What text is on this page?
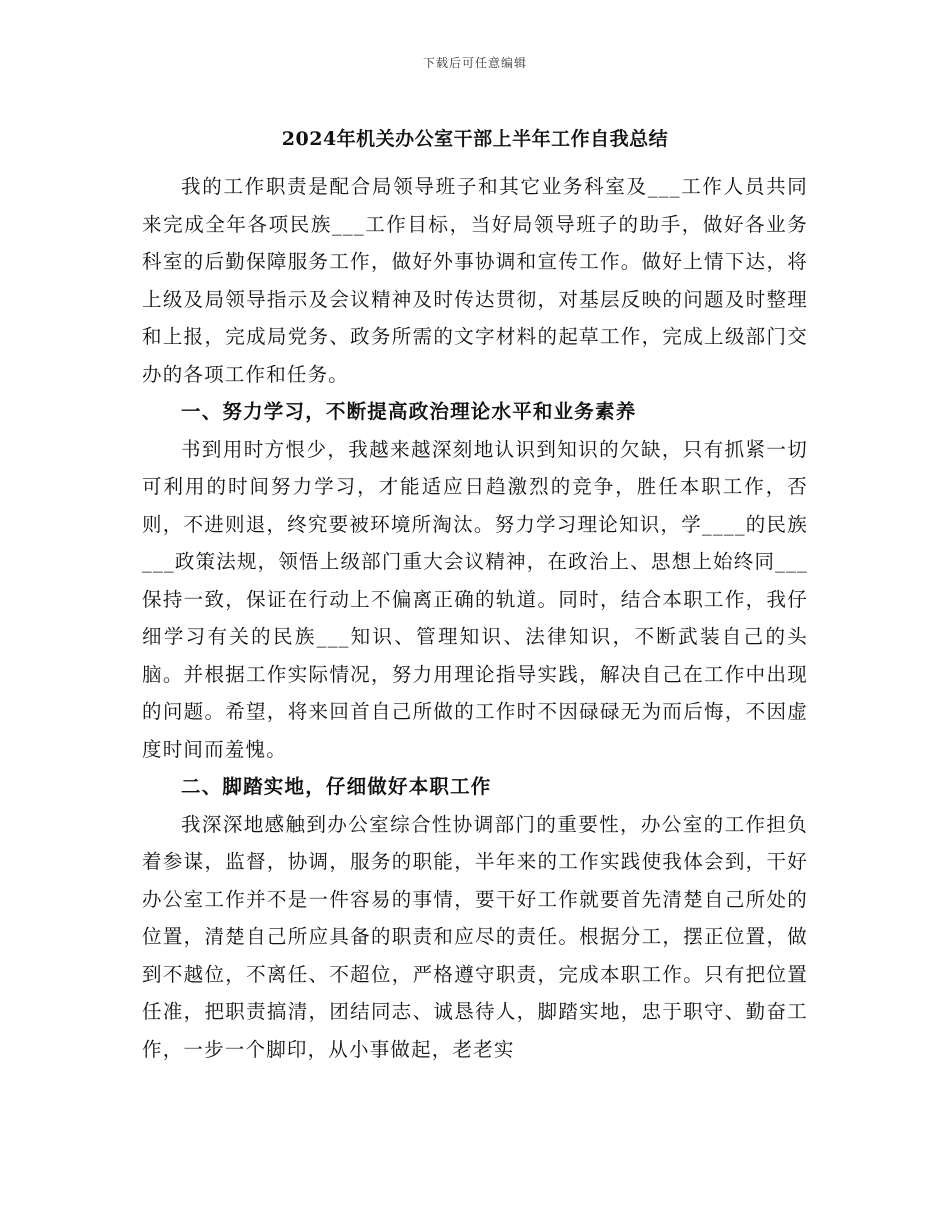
下载后可任意编辑
2024年机关办公室干部上半年工作自我总结

我的工作职责是配合局领导班子和其它业务科室及___工作人员共同来完成全年各项民族___工作目标，当好局领导班子的助手，做好各业务科室的后勤保障服务工作，做好外事协调和宣传工作。做好上情下达，将上级及局领导指示及会议精神及时传达贯彻，对基层反映的问题及时整理和上报，完成局党务、政务所需的文字材料的起草工作，完成上级部门交办的各项工作和任务。

一、努力学习，不断提高政治理论水平和业务素养

书到用时方恨少，我越来越深刻地认识到知识的欠缺，只有抓紧一切可利用的时间努力学习，才能适应日趋激烈的竞争，胜任本职工作，否则，不进则退，终究要被环境所淘汰。努力学习理论知识，学____的民族___政策法规，领悟上级部门重大会议精神，在政治上、思想上始终同___保持一致，保证在行动上不偏离正确的轨道。同时，结合本职工作，我仔细学习有关的民族___知识、管理知识、法律知识，不断武装自己的头脑。并根据工作实际情况，努力用理论指导实践，解决自己在工作中出现的问题。希望，将来回首自己所做的工作时不因碌碌无为而后悔，不因虚度时间而羞愧。

二、脚踏实地，仔细做好本职工作

我深深地感触到办公室综合性协调部门的重要性，办公室的工作担负着参谋，监督，协调，服务的职能，半年来的工作实践使我体会到，干好办公室工作并不是一件容易的事情，要干好工作就要首先清楚自己所处的位置，清楚自己所应具备的职责和应尽的责任。根据分工，摆正位置，做到不越位，不离任、不超位，严格遵守职责，完成本职工作。只有把位置任准，把职责搞清，团结同志、诚恳待人，脚踏实地，忠于职守、勤奋工作，一步一个脚印，从小事做起，老老实
